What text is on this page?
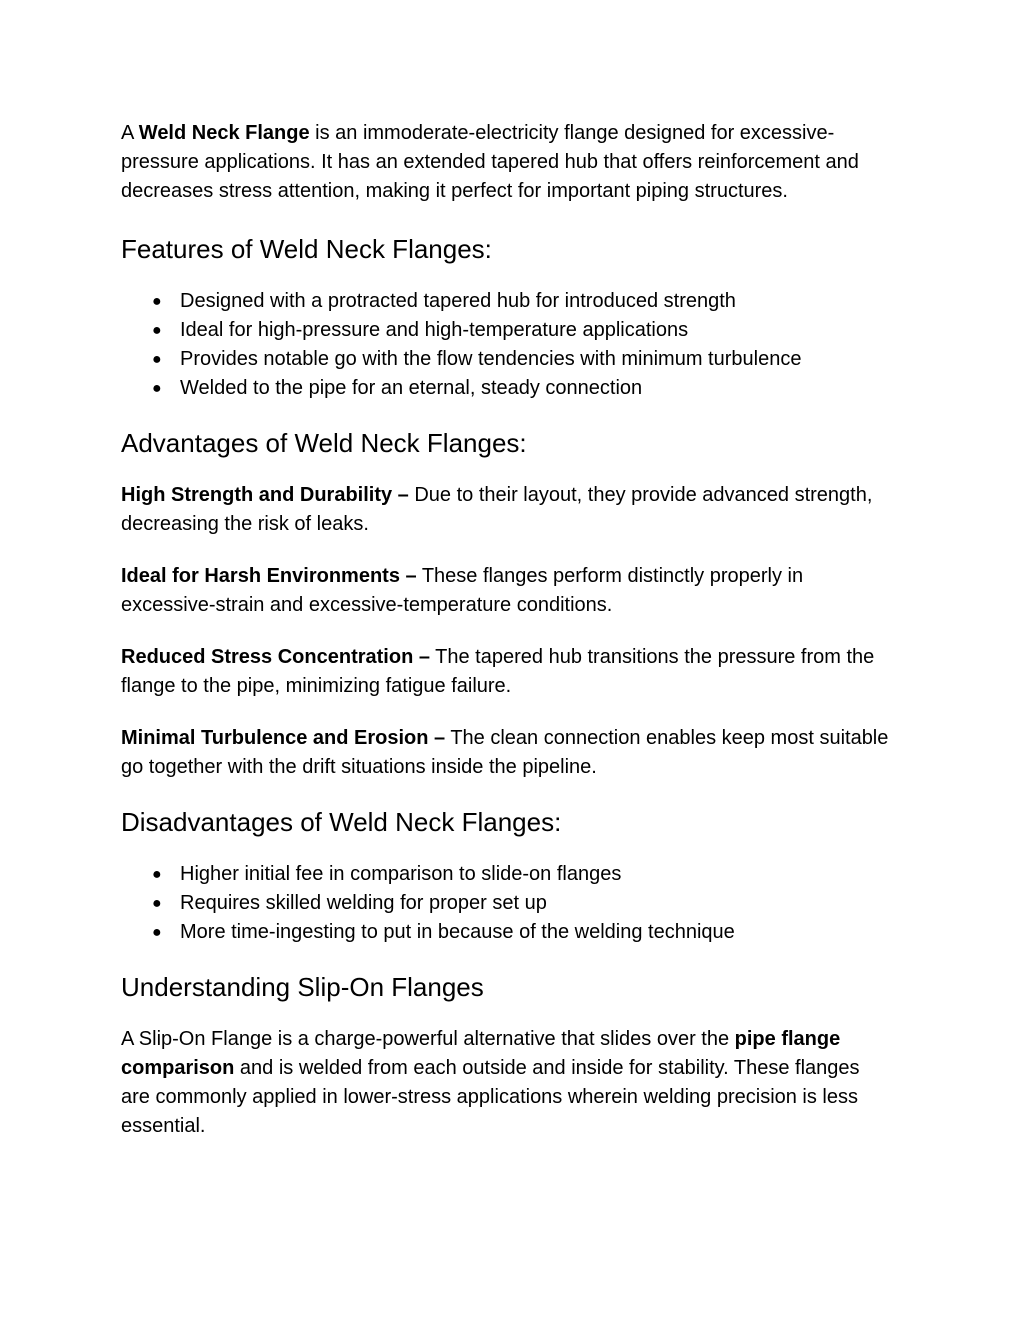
A Weld Neck Flange is an immoderate-electricity flange designed for excessive-pressure applications. It has an extended tapered hub that offers reinforcement and decreases stress attention, making it perfect for important piping structures.

Features of Weld Neck Flanges:
● Designed with a protracted tapered hub for introduced strength
● Ideal for high-pressure and high-temperature applications
● Provides notable go with the flow tendencies with minimum turbulence
● Welded to the pipe for an eternal, steady connection
Advantages of Weld Neck Flanges:

High Strength and Durability – Due to their layout, they provide advanced strength, decreasing the risk of leaks.

Ideal for Harsh Environments – These flanges perform distinctly properly in excessive-strain and excessive-temperature conditions.

Reduced Stress Concentration – The tapered hub transitions the pressure from the flange to the pipe, minimizing fatigue failure.

Minimal Turbulence and Erosion – The clean connection enables keep most suitable go together with the drift situations inside the pipeline.

Disadvantages of Weld Neck Flanges:
● Higher initial fee in comparison to slide-on flanges
● Requires skilled welding for proper set up
● More time-ingesting to put in because of the welding technique
Understanding Slip-On Flanges

A Slip-On Flange is a charge-powerful alternative that slides over the pipe flange comparison and is welded from each outside and inside for stability. These flanges are commonly applied in lower-stress applications wherein welding precision is less essential.
